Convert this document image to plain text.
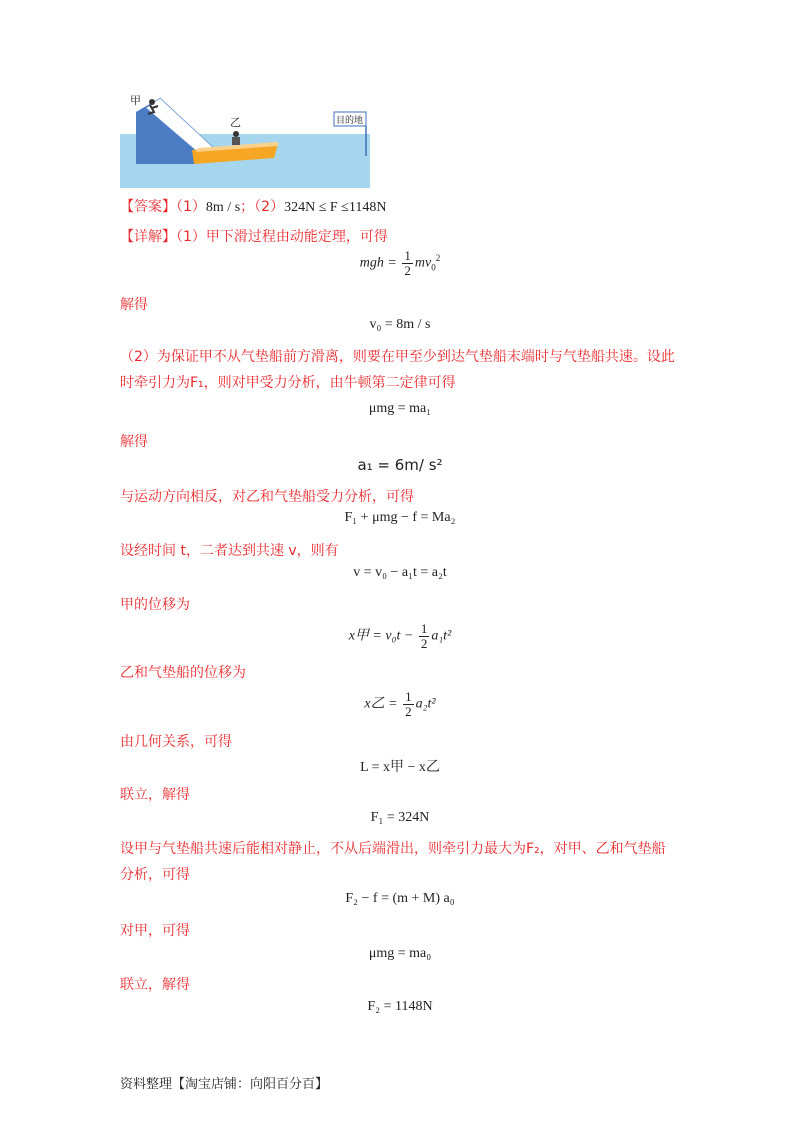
甲
乙	目的地
【答案】（1）8m / s；（2）324N ≤ F ≤1148N
【详解】（1）甲下滑过程由动能定理，可得
mgh = $\frac{1}{2} mv_0^2$
解得
v₀ = 8m / s
（2）为保证甲不从气垫船前方滑离，则要在甲至少到达气垫船末端时与气垫船共速。设此
时牵引力为F₁，则对甲受力分析，由牛顿第二定律可得
μmg = ma₁
解得
a₁ = 6m/ s²
与运动方向相反，对乙和气垫船受力分析，可得
F₁ + μmg − f = Ma₂
设经时间 t，二者达到共速 v，则有
v = v₀ − a₁t = a₂t
甲的位移为
x甲 = $v_0t - \frac{1}{2} a_1t^2$
乙和气垫船的位移为
x乙 = $\frac{1}{2} a_2t^2$
由几何关系，可得
L = x甲 − x乙
联立，解得
F₁ = 324N
设甲与气垫船共速后能相对静止，不从后端滑出，则牵引力最大为F₂，对甲、乙和气垫船
分析，可得
F₂ − f = (m + M) a₀
对甲，可得
μmg = ma₀
联立，解得
F₂ = 1148N
资料整理【淘宝店铺：向阳百分百】
